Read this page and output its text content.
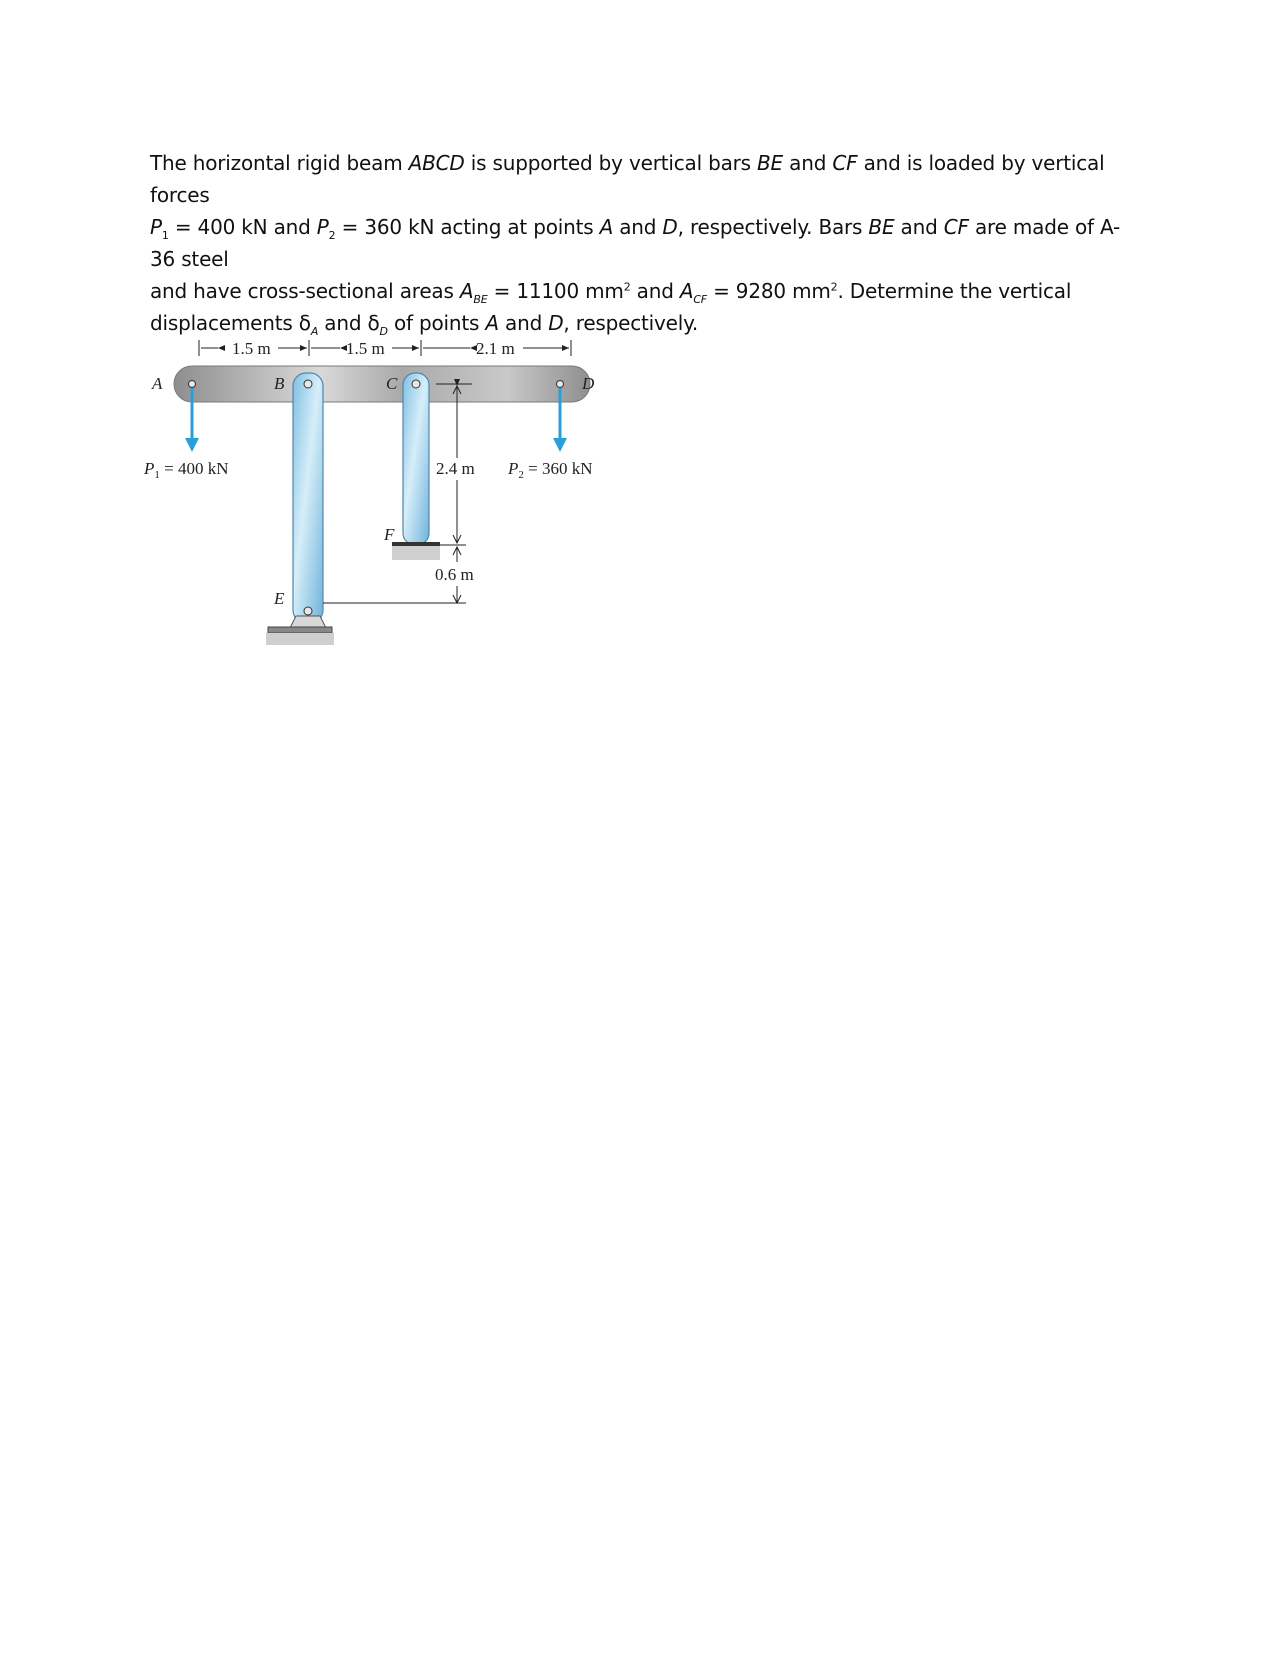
The horizontal rigid beam ABCD is supported by vertical bars BE and CF and is loaded by vertical forces
$P_1 = 400$ kN and $P_2 = 360$ kN acting at points A and D, respectively. Bars BE and CF are made of A-36 steel
and have cross-sectional areas $A_{BE} = 11100$ $mm^2$ and $A_{CF} = 9280$ $mm^2$. Determine the vertical
displacements $\delta_A$ and $\delta_D$ of points A and D, respectively.
1.5 m	1.5 m	2.1 m
A	B	C	D
E
F
$P_1 = 400$ kN	$P_2 = 360$ kN
2.4 m
0.6 m
